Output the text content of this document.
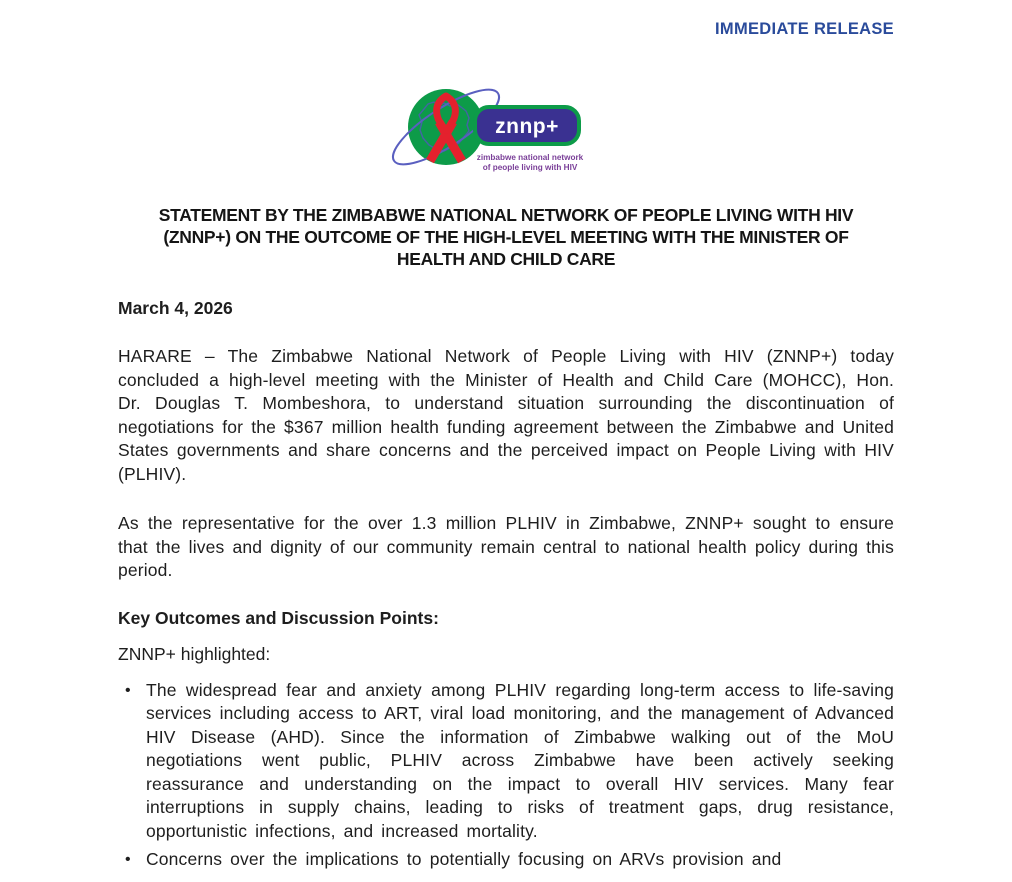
IMMEDIATE RELEASE
znnp+
zimbabwe national network
of people living with HIV
STATEMENT BY THE ZIMBABWE NATIONAL NETWORK OF PEOPLE LIVING WITH HIV (ZNNP+) ON THE OUTCOME OF THE HIGH-LEVEL MEETING WITH THE MINISTER OF HEALTH AND CHILD CARE

March 4, 2026

HARARE – The Zimbabwe National Network of People Living with HIV (ZNNP+) today concluded a high-level meeting with the Minister of Health and Child Care (MOHCC), Hon. Dr. Douglas T. Mombeshora, to understand situation surrounding the discontinuation of negotiations for the $367 million health funding agreement between the Zimbabwe and United States governments and share concerns and the perceived impact on People Living with HIV (PLHIV).

As the representative for the over 1.3 million PLHIV in Zimbabwe, ZNNP+ sought to ensure that the lives and dignity of our community remain central to national health policy during this period.

Key Outcomes and Discussion Points:

ZNNP+ highlighted:

• The widespread fear and anxiety among PLHIV regarding long-term access to life-saving services including access to ART, viral load monitoring, and the management of Advanced HIV Disease (AHD). Since the information of Zimbabwe walking out of the MoU negotiations went public, PLHIV across Zimbabwe have been actively seeking reassurance and understanding on the impact to overall HIV services. Many fear interruptions in supply chains, leading to risks of treatment gaps, drug resistance, opportunistic infections, and increased mortality.
• Concerns over the implications to potentially focusing on ARVs provision and
